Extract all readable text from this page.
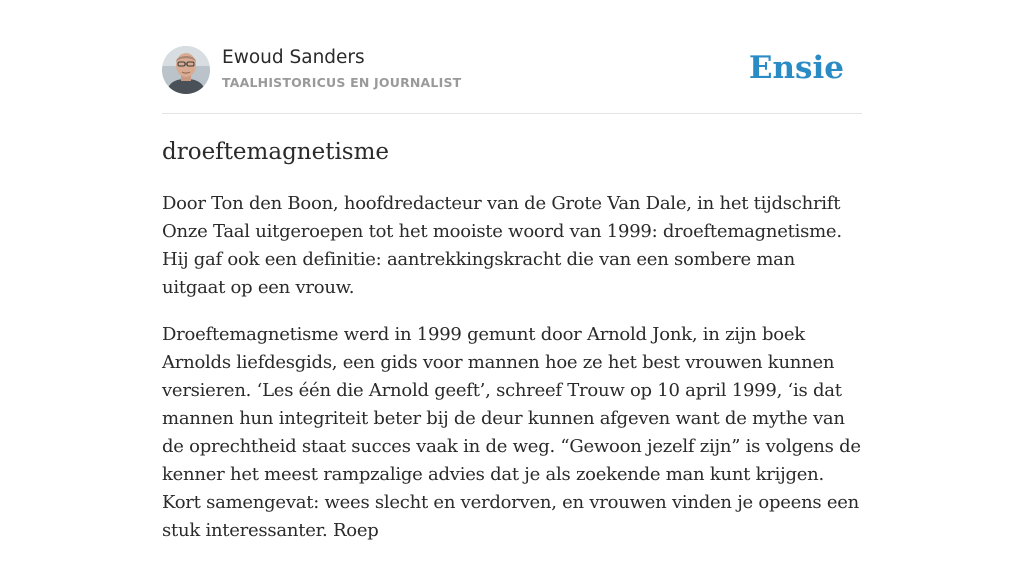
Ewoud Sanders
TAALHISTORICUS EN JOURNALIST	Ensie
droeftemagnetisme

Door Ton den Boon, hoofdredacteur van de Grote Van Dale, in het tijdschrift Onze Taal uitgeroepen tot het mooiste woord van 1999: droeftemagnetisme. Hij gaf ook een definitie: aantrekkingskracht die van een sombere man uitgaat op een vrouw.

Droeftemagnetisme werd in 1999 gemunt door Arnold Jonk, in zijn boek Arnolds liefdesgids, een gids voor mannen hoe ze het best vrouwen kunnen versieren. ‘Les één die Arnold geeft’, schreef Trouw op 10 april 1999, ‘is dat mannen hun integriteit beter bij de deur kunnen afgeven want de mythe van de oprechtheid staat succes vaak in de weg. “Gewoon jezelf zijn” is volgens de kenner het meest rampzalige advies dat je als zoekende man kunt krijgen. Kort samengevat: wees slecht en verdorven, en vrouwen vinden je opeens een stuk interessanter. Roep
